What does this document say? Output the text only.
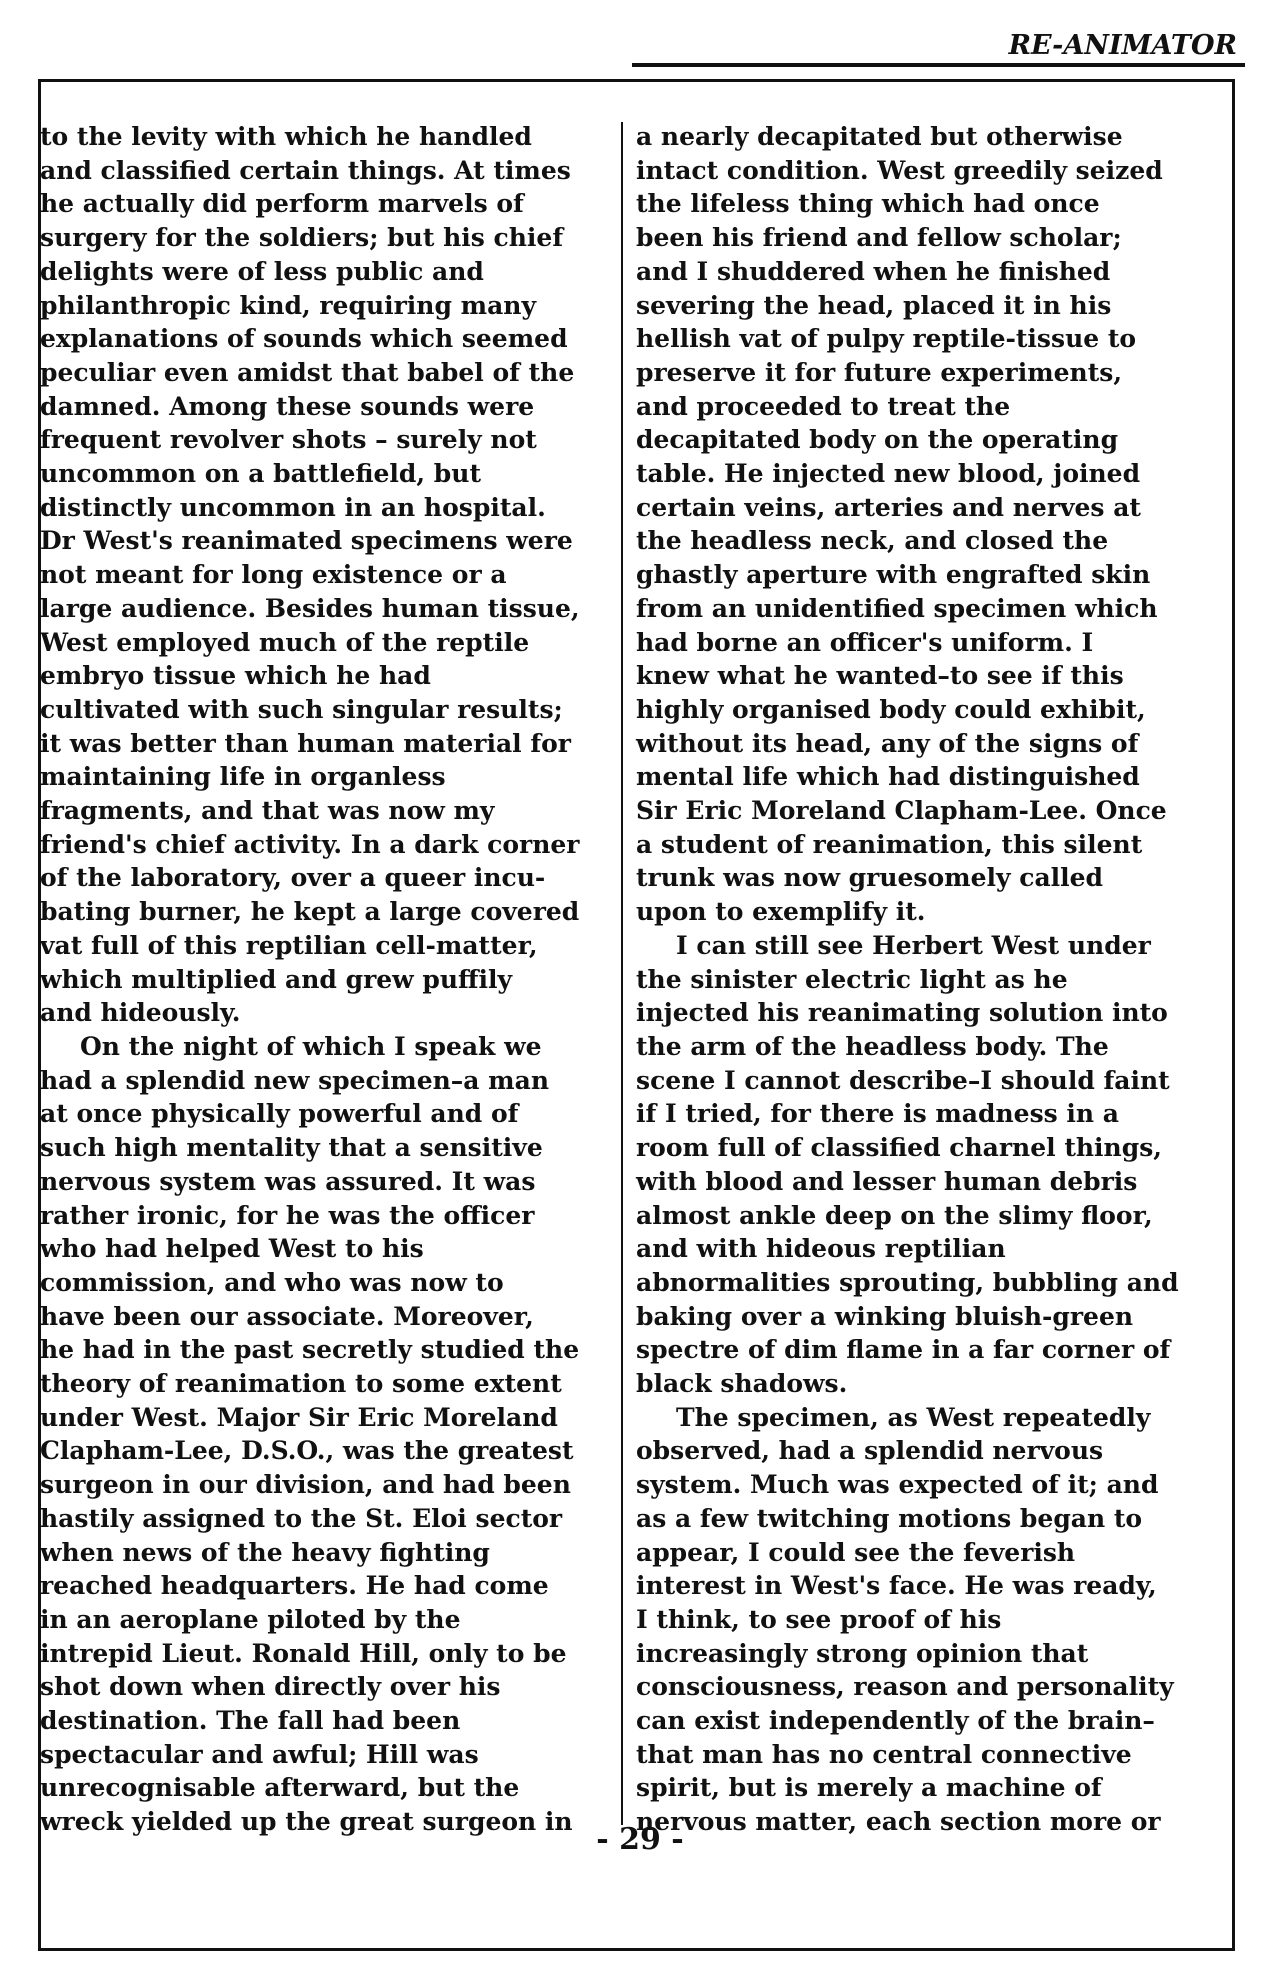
RE-ANIMATOR
to the levity with which he handled
and classified certain things. At times
he actually did perform marvels of
surgery for the soldiers; but his chief
delights were of less public and
philanthropic kind, requiring many
explanations of sounds which seemed
peculiar even amidst that babel of the
damned. Among these sounds were
frequent revolver shots – surely not
uncommon on a battlefield, but
distinctly uncommon in an hospital.
Dr West's reanimated specimens were
not meant for long existence or a
large audience. Besides human tissue,
West employed much of the reptile
embryo tissue which he had
cultivated with such singular results;
it was better than human material for
maintaining life in organless
fragments, and that was now my
friend's chief activity. In a dark corner
of the laboratory, over a queer incu-
bating burner, he kept a large covered
vat full of this reptilian cell-matter,
which multiplied and grew puffily
and hideously.
On the night of which I speak we
had a splendid new specimen–a man
at once physically powerful and of
such high mentality that a sensitive
nervous system was assured. It was
rather ironic, for he was the officer
who had helped West to his
commission, and who was now to
have been our associate. Moreover,
he had in the past secretly studied the
theory of reanimation to some extent
under West. Major Sir Eric Moreland
Clapham-Lee, D.S.O., was the greatest
surgeon in our division, and had been
hastily assigned to the St. Eloi sector
when news of the heavy fighting
reached headquarters. He had come
in an aeroplane piloted by the
intrepid Lieut. Ronald Hill, only to be
shot down when directly over his
destination. The fall had been
spectacular and awful; Hill was
unrecognisable afterward, but the
wreck yielded up the great surgeon in
a nearly decapitated but otherwise
intact condition. West greedily seized
the lifeless thing which had once
been his friend and fellow scholar;
and I shuddered when he finished
severing the head, placed it in his
hellish vat of pulpy reptile-tissue to
preserve it for future experiments,
and proceeded to treat the
decapitated body on the operating
table. He injected new blood, joined
certain veins, arteries and nerves at
the headless neck, and closed the
ghastly aperture with engrafted skin
from an unidentified specimen which
had borne an officer's uniform. I
knew what he wanted–to see if this
highly organised body could exhibit,
without its head, any of the signs of
mental life which had distinguished
Sir Eric Moreland Clapham-Lee. Once
a student of reanimation, this silent
trunk was now gruesomely called
upon to exemplify it.
I can still see Herbert West under
the sinister electric light as he
injected his reanimating solution into
the arm of the headless body. The
scene I cannot describe–I should faint
if I tried, for there is madness in a
room full of classified charnel things,
with blood and lesser human debris
almost ankle deep on the slimy floor,
and with hideous reptilian
abnormalities sprouting, bubbling and
baking over a winking bluish-green
spectre of dim flame in a far corner of
black shadows.
The specimen, as West repeatedly
observed, had a splendid nervous
system. Much was expected of it; and
as a few twitching motions began to
appear, I could see the feverish
interest in West's face. He was ready,
I think, to see proof of his
increasingly strong opinion that
consciousness, reason and personality
can exist independently of the brain–
that man has no central connective
spirit, but is merely a machine of
nervous matter, each section more or
- 29 -
